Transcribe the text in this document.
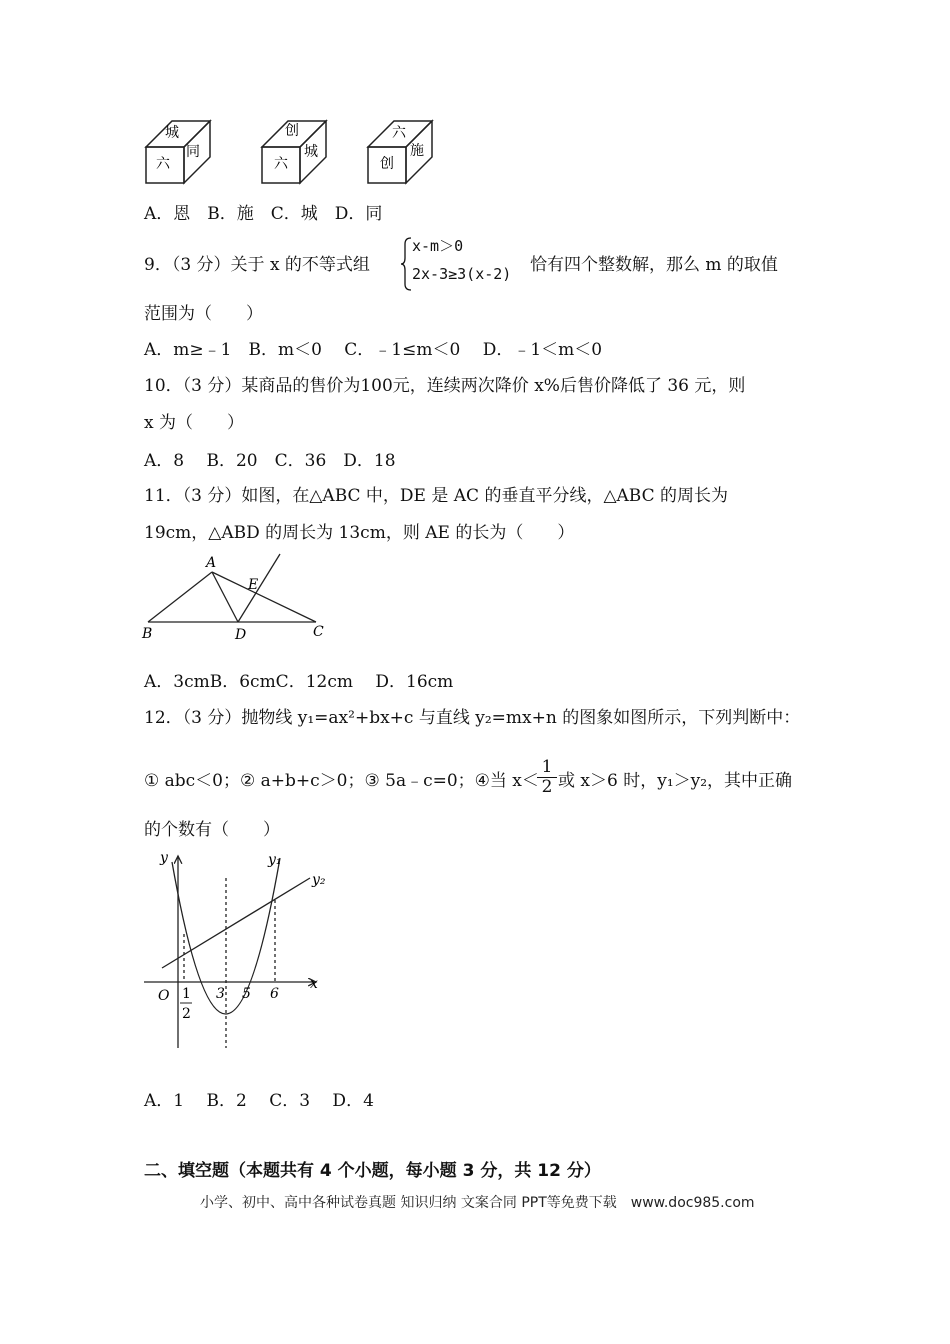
城
六
同
创
六
城
六
创
施
A．恩　B．施　C．城　D．同
9．（3 分）关于 x 的不等式组
x-m＞0
2x-3≥3(x-2) 恰有四个整数解，那么 m 的取值
范围为（　　）
A．m≥﹣1　B．m＜0　 C．﹣1≤m＜0　 D．﹣1＜m＜0
10．（3 分）某商品的售价为100元，连续两次降价 x%后售价降低了 36 元，则
x 为（　　）
A．8　 B．20　C．36　D．18
11．（3 分）如图，在△ABC 中，DE 是 AC 的垂直平分线，△ABC 的周长为
19cm，△ABD 的周长为 13cm，则 AE 的长为（　　）
A
B	C
D
E
A．3cmB．6cmC．12cm　 D．16cm
12．（3 分）抛物线 y₁=ax²+bx+c 与直线 y₂=mx+n 的图象如图所示，下列判断中：
① abc＜0；② a+b+c＞0；③ 5a﹣c=0；④当 x＜
$\frac{1}{2}$ 或 x＞6 时，y₁＞y₂，其中正确
的个数有（　　）
y
x
y₁
y₂
O	3 5 6
1
2
A．1　 B．2　 C．3　 D．4
二、填空题（本题共有 4 个小题，每小题 3 分，共 12 分）
小学、初中、高中各种试卷真题 知识归纳 文案合同 PPT等免费下载　www.doc985.com
